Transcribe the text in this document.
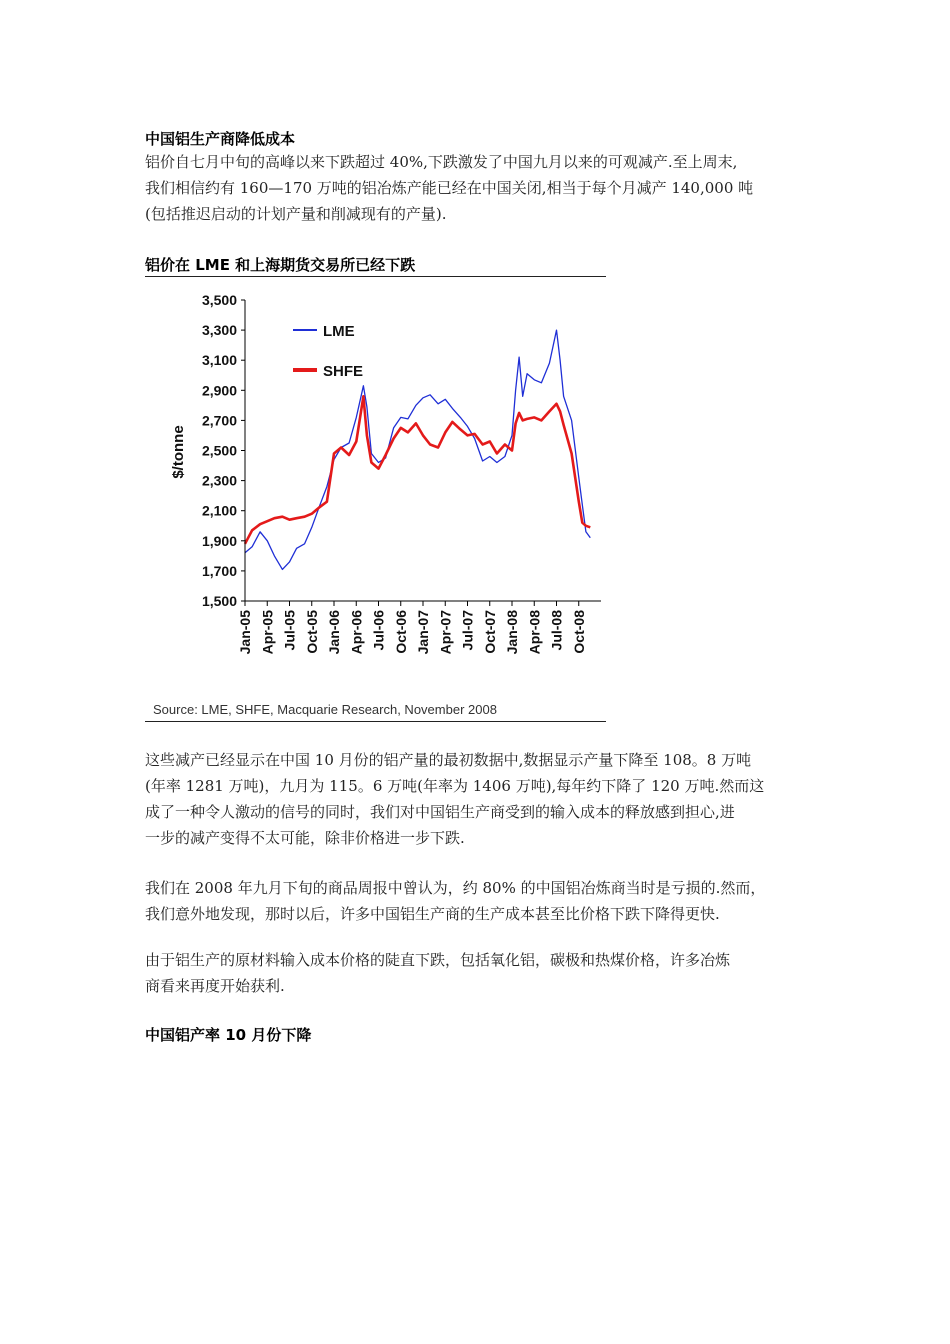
中国铝生产商降低成本
铝价自七月中旬的高峰以来下跌超过 40%,下跌激发了中国九月以来的可观减产.至上周末,
我们相信约有 160—170 万吨的铝冶炼产能已经在中国关闭,相当于每个月减产 140,000 吨
(包括推迟启动的计划产量和削减现有的产量).
铝价在 LME 和上海期货交易所已经下跌
1,500
1,700
1,900
2,100
2,300
2,500
2,700
2,900
3,100
3,300
3,500
Jan-05 Apr-05 Jul-05 Oct-05 Jan-06 Apr-06 Jul-06 Oct-06 Jan-07 Apr-07 Jul-07 Oct-07 Jan-08 Apr-08 Jul-08 Oct-08
$/tonne
LME
SHFE
Source: LME, SHFE, Macquarie Research, November 2008
这些减产已经显示在中国 10 月份的铝产量的最初数据中,数据显示产量下降至 108。8 万吨
(年率 1281 万吨)，九月为 115。6 万吨(年率为 1406 万吨),每年约下降了 120 万吨.然而这
成了一种令人激动的信号的同时，我们对中国铝生产商受到的输入成本的释放感到担心,进
一步的减产变得不太可能，除非价格进一步下跌.
我们在 2008 年九月下旬的商品周报中曾认为，约 80% 的中国铝冶炼商当时是亏损的.然而，
我们意外地发现，那时以后，许多中国铝生产商的生产成本甚至比价格下跌下降得更快.
由于铝生产的原材料输入成本价格的陡直下跌，包括氧化铝，碳极和热煤价格，许多冶炼
商看来再度开始获利.
中国铝产率 10 月份下降
